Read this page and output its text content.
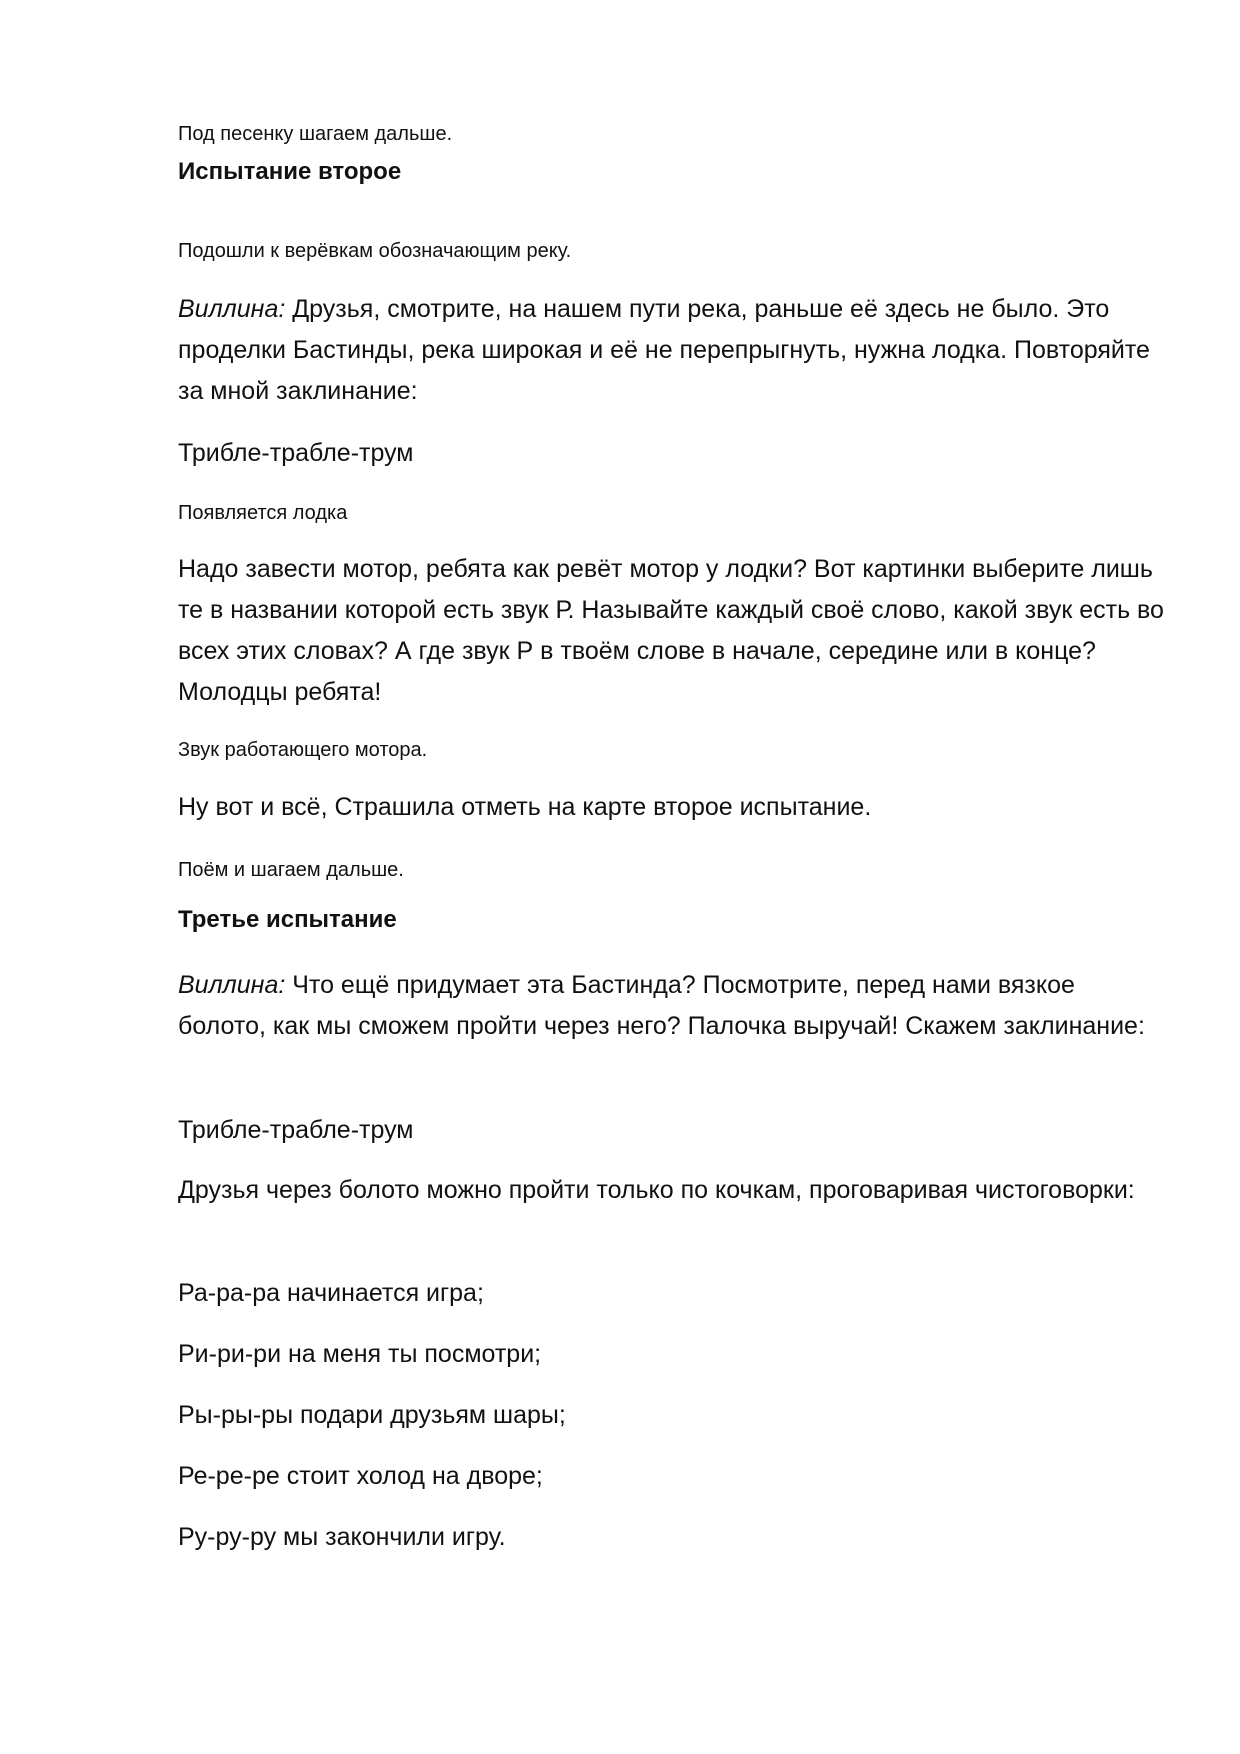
Под песенку шагаем дальше.

Испытание второе

Подошли к верёвкам обозначающим реку.

Виллина: Друзья, смотрите, на нашем пути река, раньше её здесь не было. Это проделки Бастинды, река широкая и её не перепрыгнуть, нужна лодка. Повторяйте за мной заклинание:

Трибле-трабле-трум

Появляется лодка

Надо завести мотор, ребята как ревёт мотор у лодки? Вот картинки выберите лишь те в названии которой есть звук Р. Называйте каждый своё слово, какой звук есть во всех этих словах? А где звук Р в твоём слове в начале, середине или в конце? Молодцы ребята!

Звук работающего мотора.

Ну вот и всё, Страшила отметь на карте второе испытание.

Поём и шагаем дальше.

Третье испытание

Виллина: Что ещё придумает эта Бастинда? Посмотрите, перед нами вязкое болото, как мы сможем пройти через него? Палочка выручай! Скажем заклинание:

Трибле-трабле-трум

Друзья через болото можно пройти только по кочкам, проговаривая чистоговорки:

Ра-ра-ра начинается игра;

Ри-ри-ри на меня ты посмотри;

Ры-ры-ры подари друзьям шары;

Ре-ре-ре стоит холод на дворе;

Ру-ру-ру мы закончили игру.
